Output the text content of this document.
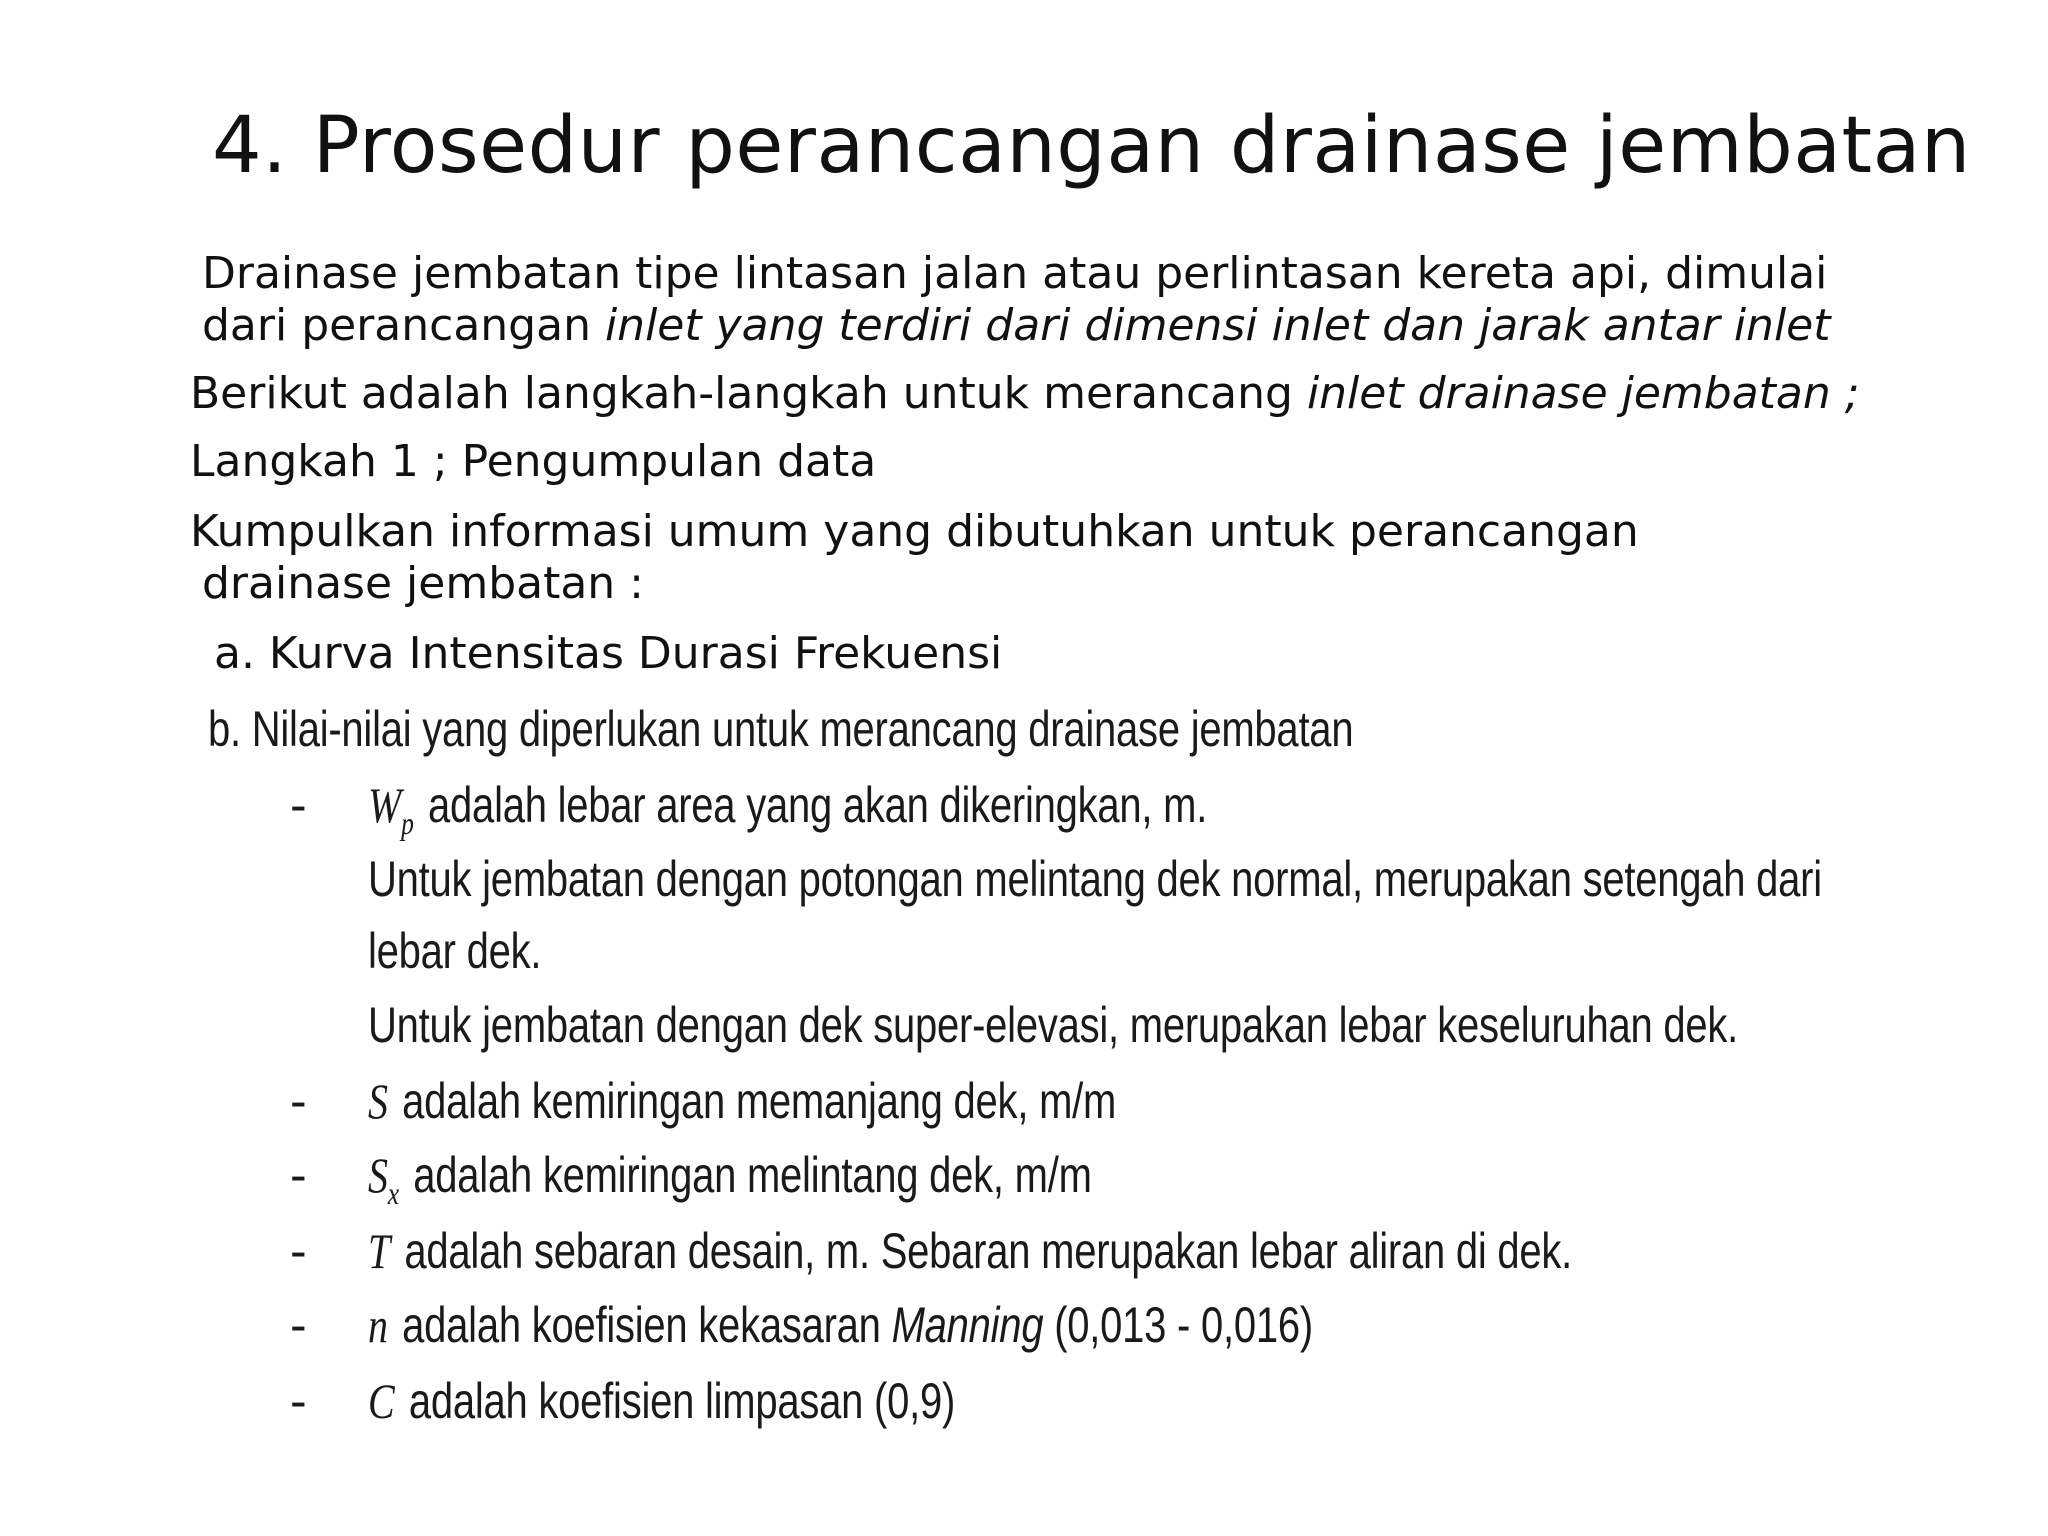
4. Prosedur perancangan drainase jembatan
Drainase jembatan tipe lintasan jalan atau perlintasan kereta api, dimulai
dari perancangan inlet yang terdiri dari dimensi inlet dan jarak antar inlet
Berikut adalah langkah-langkah untuk merancang inlet drainase jembatan ;
Langkah 1 ; Pengumpulan data
Kumpulkan informasi umum yang dibutuhkan untuk perancangan
drainase jembatan :
a. Kurva Intensitas Durasi Frekuensi
b. Nilai-nilai yang diperlukan untuk merancang drainase jembatan
- $W_p$ adalah lebar area yang akan dikeringkan, m.
Untuk jembatan dengan potongan melintang dek normal, merupakan setengah dari
lebar dek.
Untuk jembatan dengan dek super-elevasi, merupakan lebar keseluruhan dek.
- S adalah kemiringan memanjang dek, m/m
- $S_x$ adalah kemiringan melintang dek, m/m
- T adalah sebaran desain, m. Sebaran merupakan lebar aliran di dek.
- n adalah koefisien kekasaran Manning (0,013 - 0,016)
- C adalah koefisien limpasan (0,9)
